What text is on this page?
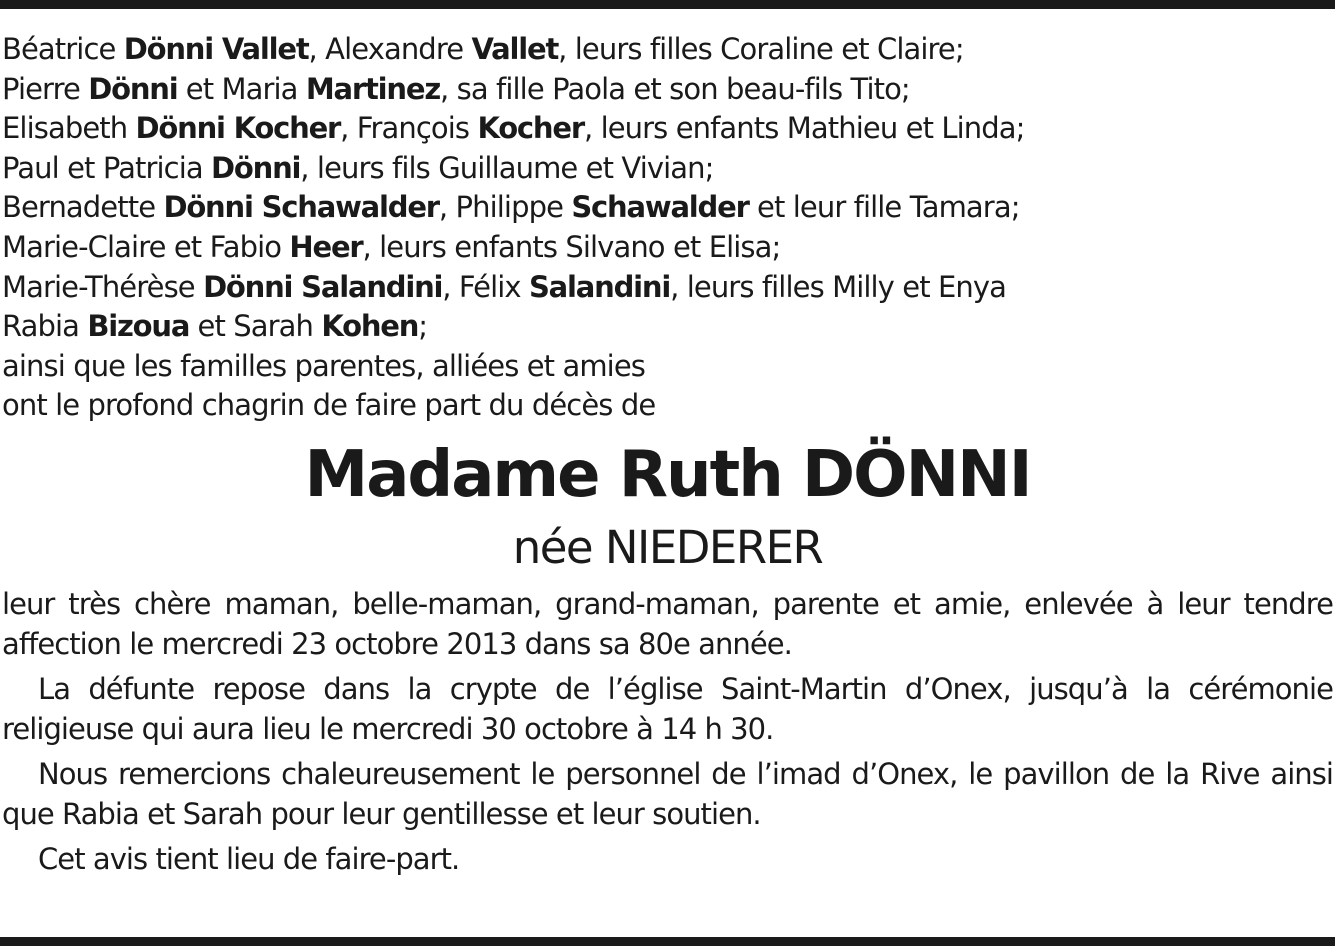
Béatrice Dönni Vallet, Alexandre Vallet, leurs filles Coraline et Claire;
Pierre Dönni et Maria Martinez, sa fille Paola et son beau-fils Tito;
Elisabeth Dönni Kocher, François Kocher, leurs enfants Mathieu et Linda;
Paul et Patricia Dönni, leurs fils Guillaume et Vivian;
Bernadette Dönni Schawalder, Philippe Schawalder et leur fille Tamara;
Marie-Claire et Fabio Heer, leurs enfants Silvano et Elisa;
Marie-Thérèse Dönni Salandini, Félix Salandini, leurs filles Milly et Enya
Rabia Bizoua et Sarah Kohen;
ainsi que les familles parentes, alliées et amies
ont le profond chagrin de faire part du décès de
Madame Ruth DÖNNI
née NIEDERER

leur très chère maman, belle-maman, grand-maman, parente et amie, enlevée à leur tendre affection le mercredi 23 octobre 2013 dans sa 80e année.

La défunte repose dans la crypte de l’église Saint-Martin d’Onex, jusqu’à la cérémonie religieuse qui aura lieu le mercredi 30 octobre à 14 h 30.

Nous remercions chaleureusement le personnel de l’imad d’Onex, le pavillon de la Rive ainsi que Rabia et Sarah pour leur gentillesse et leur soutien.

Cet avis tient lieu de faire-part.
